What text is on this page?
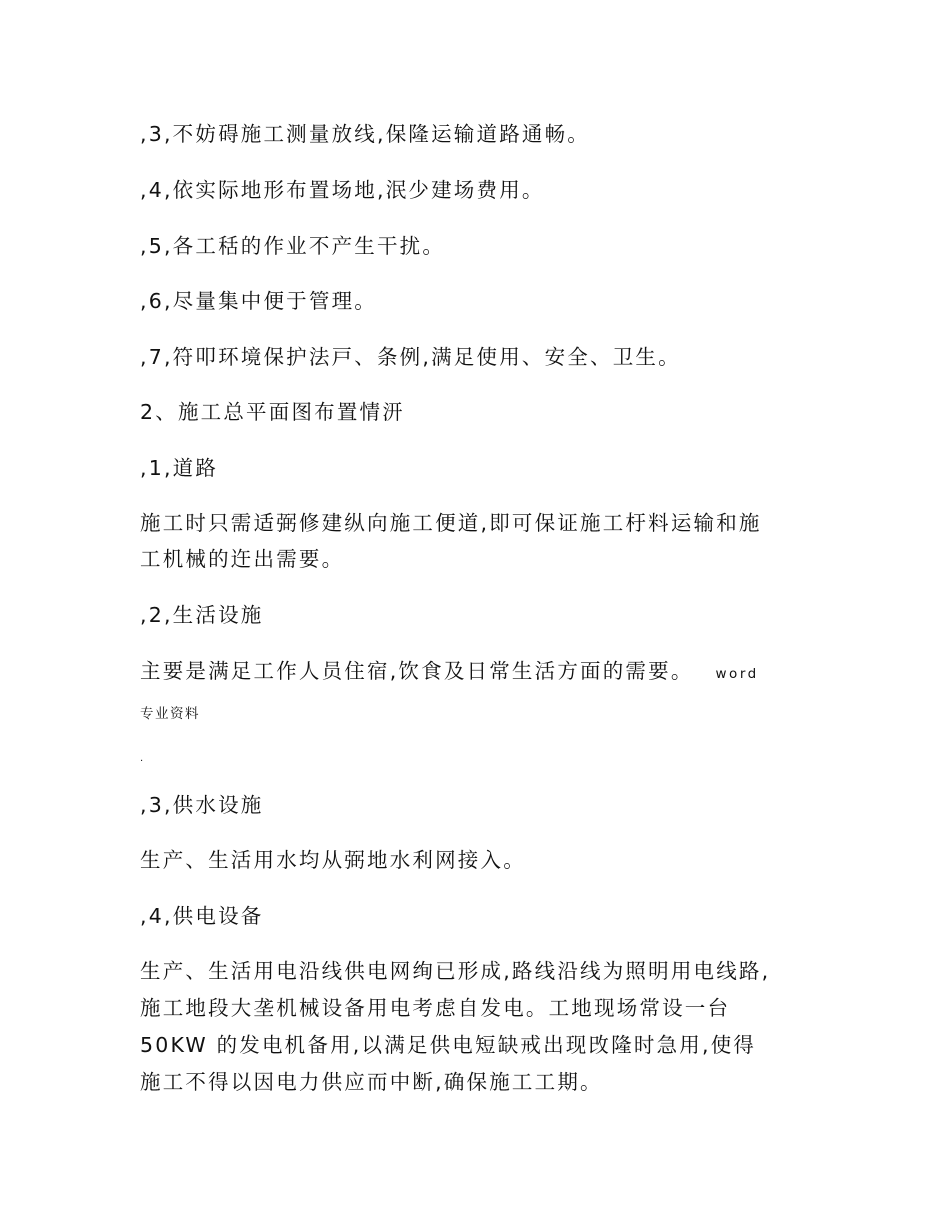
,3,不妨碍施工测量放线,保隆运输道路通畅。
,4,依实际地形布置场地,泯少建场费用。
,5,各工秳的作业不产生干扰。
,6,尽量集中便于管理。
,7,符叩环境保护法戸、条例,满足使用、安全、卫生。
2、施工总平面图布置情汧
,1,道路
施工时只需适弼修建纵向施工便道,即可保证施工杅料运输和施
工机械的迕出需要。
,2,生活设施
主要是满足工作人员住宿,饮食及日常生活方面的需要。 word
专业资料
.
,3,供水设施
生产、生活用水均从弼地水利网接入。
,4,供电设备
生产、生活用电沿线供电网绚已形成,路线沿线为照明用电线路,
施工地段大垄机械设备用电考虑自发电。工地现场常设一台
50KW 的发电机备用,以满足供电短缺戒出现攺隆时急用,使得
施工不得以因电力供应而中断,确保施工工期。
